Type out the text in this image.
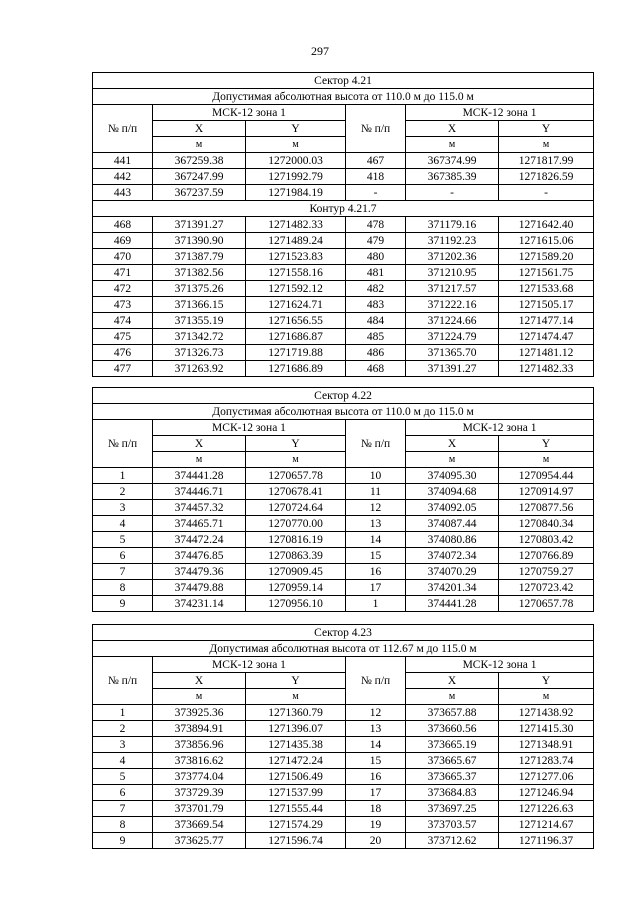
297
Сектор 4.21					
Допустимая абсолютная высота от 110.0 м до 115.0 м					
№ п/п	МСК-12 зона 1		№ п/п	МСК-12 зона 1	
	X	Y		X	Y
	м	м		м	м
441	367259.38	1272000.03	467	367374.99	1271817.99
442	367247.99	1271992.79	418	367385.39	1271826.59
443	367237.59	1271984.19	-	-	-
Контур 4.21.7					
468	371391.27	1271482.33	478	371179.16	1271642.40
469	371390.90	1271489.24	479	371192.23	1271615.06
470	371387.79	1271523.83	480	371202.36	1271589.20
471	371382.56	1271558.16	481	371210.95	1271561.75
472	371375.26	1271592.12	482	371217.57	1271533.68
473	371366.15	1271624.71	483	371222.16	1271505.17
474	371355.19	1271656.55	484	371224.66	1271477.14
475	371342.72	1271686.87	485	371224.79	1271474.47
476	371326.73	1271719.88	486	371365.70	1271481.12
477	371263.92	1271686.89	468	371391.27	1271482.33
Сектор 4.22					
Допустимая абсолютная высота от 110.0 м до 115.0 м					
№ п/п	МСК-12 зона 1		№ п/п	МСК-12 зона 1	
	X	Y		X	Y
	м	м		м	м
1	374441.28	1270657.78	10	374095.30	1270954.44
2	374446.71	1270678.41	11	374094.68	1270914.97
3	374457.32	1270724.64	12	374092.05	1270877.56
4	374465.71	1270770.00	13	374087.44	1270840.34
5	374472.24	1270816.19	14	374080.86	1270803.42
6	374476.85	1270863.39	15	374072.34	1270766.89
7	374479.36	1270909.45	16	374070.29	1270759.27
8	374479.88	1270959.14	17	374201.34	1270723.42
9	374231.14	1270956.10	1	374441.28	1270657.78
Сектор 4.23					
Допустимая абсолютная высота от 112.67 м до 115.0 м					
№ п/п	МСК-12 зона 1		№ п/п	МСК-12 зона 1	
	X	Y		X	Y
	м	м		м	м
1	373925.36	1271360.79	12	373657.88	1271438.92
2	373894.91	1271396.07	13	373660.56	1271415.30
3	373856.96	1271435.38	14	373665.19	1271348.91
4	373816.62	1271472.24	15	373665.67	1271283.74
5	373774.04	1271506.49	16	373665.37	1271277.06
6	373729.39	1271537.99	17	373684.83	1271246.94
7	373701.79	1271555.44	18	373697.25	1271226.63
8	373669.54	1271574.29	19	373703.57	1271214.67
9	373625.77	1271596.74	20	373712.62	1271196.37
